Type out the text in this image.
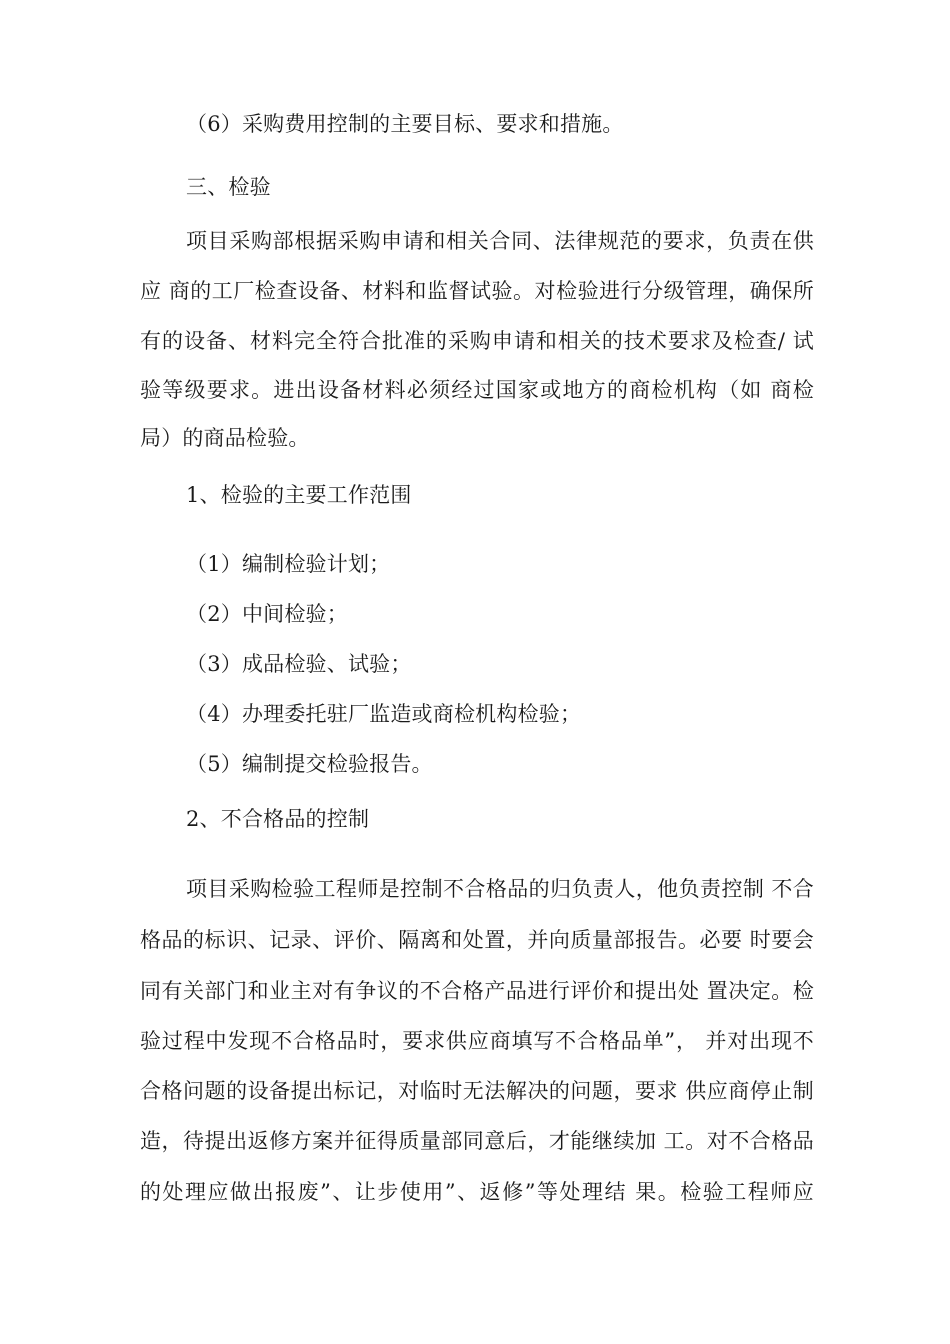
（6）采购费用控制的主要目标、要求和措施。
三、检验
项目采购部根据采购申请和相关合同、法律规范的要求，负责在供
应 商的工厂检查设备、材料和监督试验。对检验进行分级管理，确保所
有的设备、材料完全符合批准的采购申请和相关的技术要求及检查/ 试
验等级要求。进出设备材料必须经过国家或地方的商检机构（如 商检
局）的商品检验。
1、检验的主要工作范围
（1）编制检验计划；
（2）中间检验；
（3）成品检验、试验；
（4）办理委托驻厂监造或商检机构检验；
（5）编制提交检验报告。
2、不合格品的控制
项目采购检验工程师是控制不合格品的归负责人，他负责控制 不合
格品的标识、记录、评价、隔离和处置，并向质量部报告。必要 时要会
同有关部门和业主对有争议的不合格产品进行评价和提出处 置决定。检
验过程中发现不合格品时，要求供应商填写不合格品单”， 并对出现不
合格问题的设备提出标记，对临时无法解决的问题，要求 供应商停止制
造，待提出返修方案并征得质量部同意后，才能继续加 工。对不合格品
的处理应做出报废”、让步使用”、返修”等处理结 果。检验工程师应
